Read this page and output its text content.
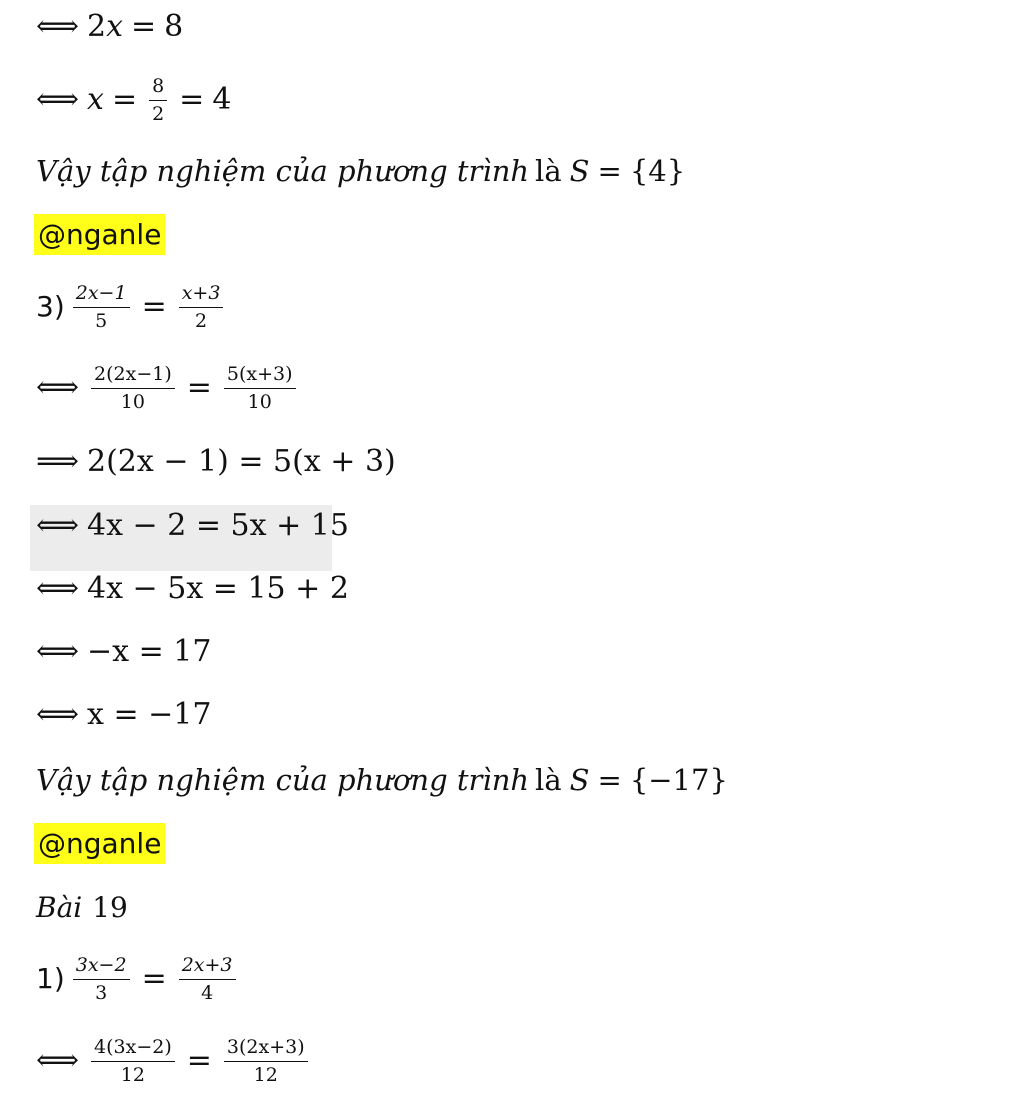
⟺ 2 x = 8
⟺ $x = \frac{8}{2} = 4$
Vậy tập nghiệm của phương trình là S = {4}
@nganle
$3) \frac{2x-1}{5} = \frac{x+3}{2}$
⟺ $\frac{2(2x-1)}{10} = \frac{5(x+3)}{10}$
⟹ 2(2x − 1) = 5(x + 3)
⟺ 4x − 2 = 5x + 15
⟺ 4x − 5x = 15 + 2
⟺ −x = 17
⟺ x = −17
Vậy tập nghiệm của phương trình là S = {−17}
@nganle
Bài 19
$1) \frac{3x-2}{3} = \frac{2x+3}{4}$
⟺ $\frac{4(3x-2)}{12} = \frac{3(2x+3)}{12}$
